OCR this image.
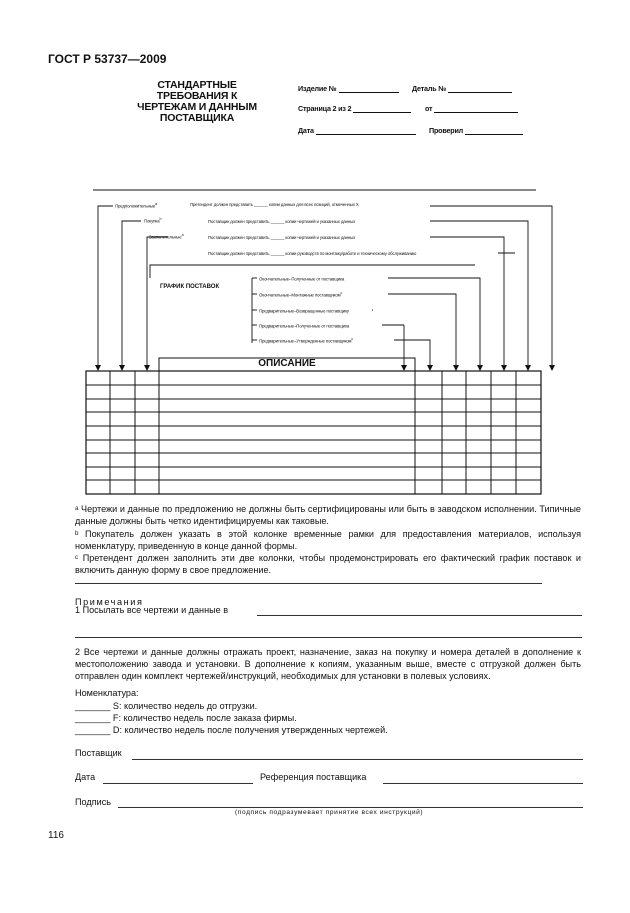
ГОСТ Р 53737—2009
СТАНДАРТНЫЕ
ТРЕБОВАНИЯ К
ЧЕРТЕЖАМ И ДАННЫМ
ПОСТАВЩИКА
Изделие №	Деталь №
Страница 2 из 2	от
Дата	Проверил
Предположительные$^a$	Претендент должен представить ______ копии данных для всех позиций, отмеченных Х
Покупка$^b$	Поставщик должен представить ______ копии чертежей и указанных данных
Заключительные$^a$	Поставщик должен представить ______ копии чертежей и указанных данных
Поставщик должен представить ______ копии руководств по монтажу/работе и техническому обслуживанию
ГРАФИК ПОСТАВОК
Окончательные–Полученные от поставщика
Окончательные–Монтажные поставщиком$^c$
Предварительные–Возвращенные поставщику
Предварительные–Полученные от поставщика
Предварительные–Утвержденные поставщиком$^c$
ОПИСАНИЕ
ᵃ Чертежи и данные по предложению не должны быть сертифицированы или быть в заводском исполнении. Типичные данные должны быть четко идентифицируемы как таковые.
ᵇ Покупатель должен указать в этой колонке временные рамки для предоставления материалов, используя номенклатуру, приведенную в конце данной формы.
ᶜ Претендент должен заполнить эти две колонки, чтобы продемонстрировать его фактический график поставок и включить данную форму в свое предложение.
Примечания
1 Посылать все чертежи и данные в
2 Все чертежи и данные должны отражать проект, назначение, заказ на покупку и номера деталей в дополнение к местоположению завода и установки. В дополнение к копиям, указанным выше, вместе с отгрузкой должен быть отправлен один комплект чертежей/инструкций, необходимых для установки в полевых условиях.
Номенклатура:
_______ S: количество недель до отгрузки.
_______ F: количество недель после заказа фирмы.
_______ D: количество недель после получения утвержденных чертежей.
Поставщик
Дата	Референция поставщика
Подпись
(подпись подразумевает принятие всех инструкций)
116
